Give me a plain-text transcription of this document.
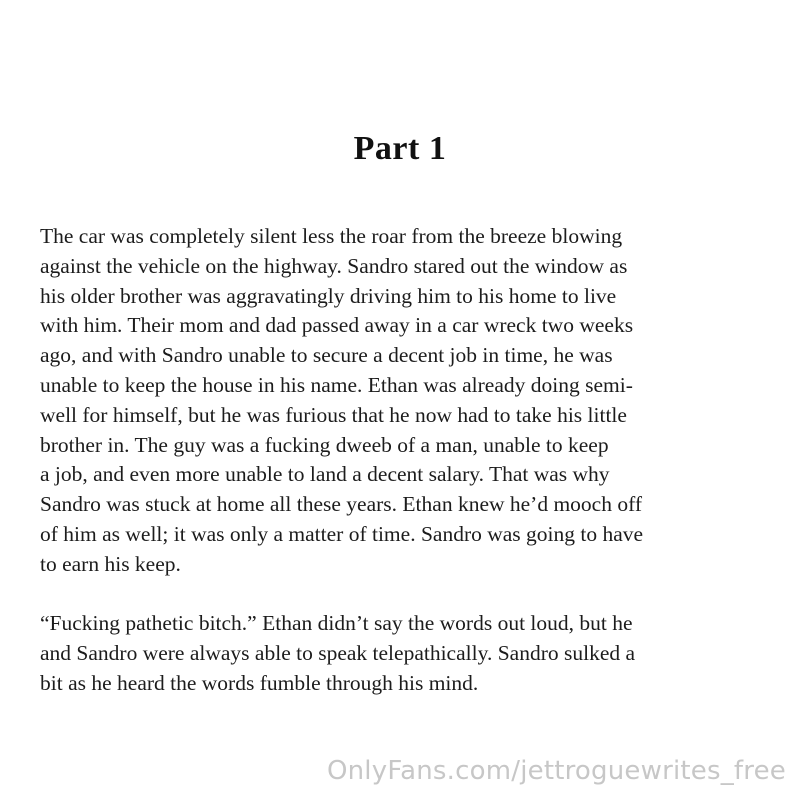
Part 1

The car was completely silent less the roar from the breeze blowing
against the vehicle on the highway. Sandro stared out the window as
his older brother was aggravatingly driving him to his home to live
with him. Their mom and dad passed away in a car wreck two weeks
ago, and with Sandro unable to secure a decent job in time, he was
unable to keep the house in his name. Ethan was already doing semi-
well for himself, but he was furious that he now had to take his little
brother in. The guy was a fucking dweeb of a man, unable to keep
a job, and even more unable to land a decent salary. That was why
Sandro was stuck at home all these years. Ethan knew he’d mooch off
of him as well; it was only a matter of time. Sandro was going to have
to earn his keep.

“Fucking pathetic bitch.” Ethan didn’t say the words out loud, but he
and Sandro were always able to speak telepathically. Sandro sulked a
bit as he heard the words fumble through his mind.

OnlyFans.com/jettroguewrites_free
